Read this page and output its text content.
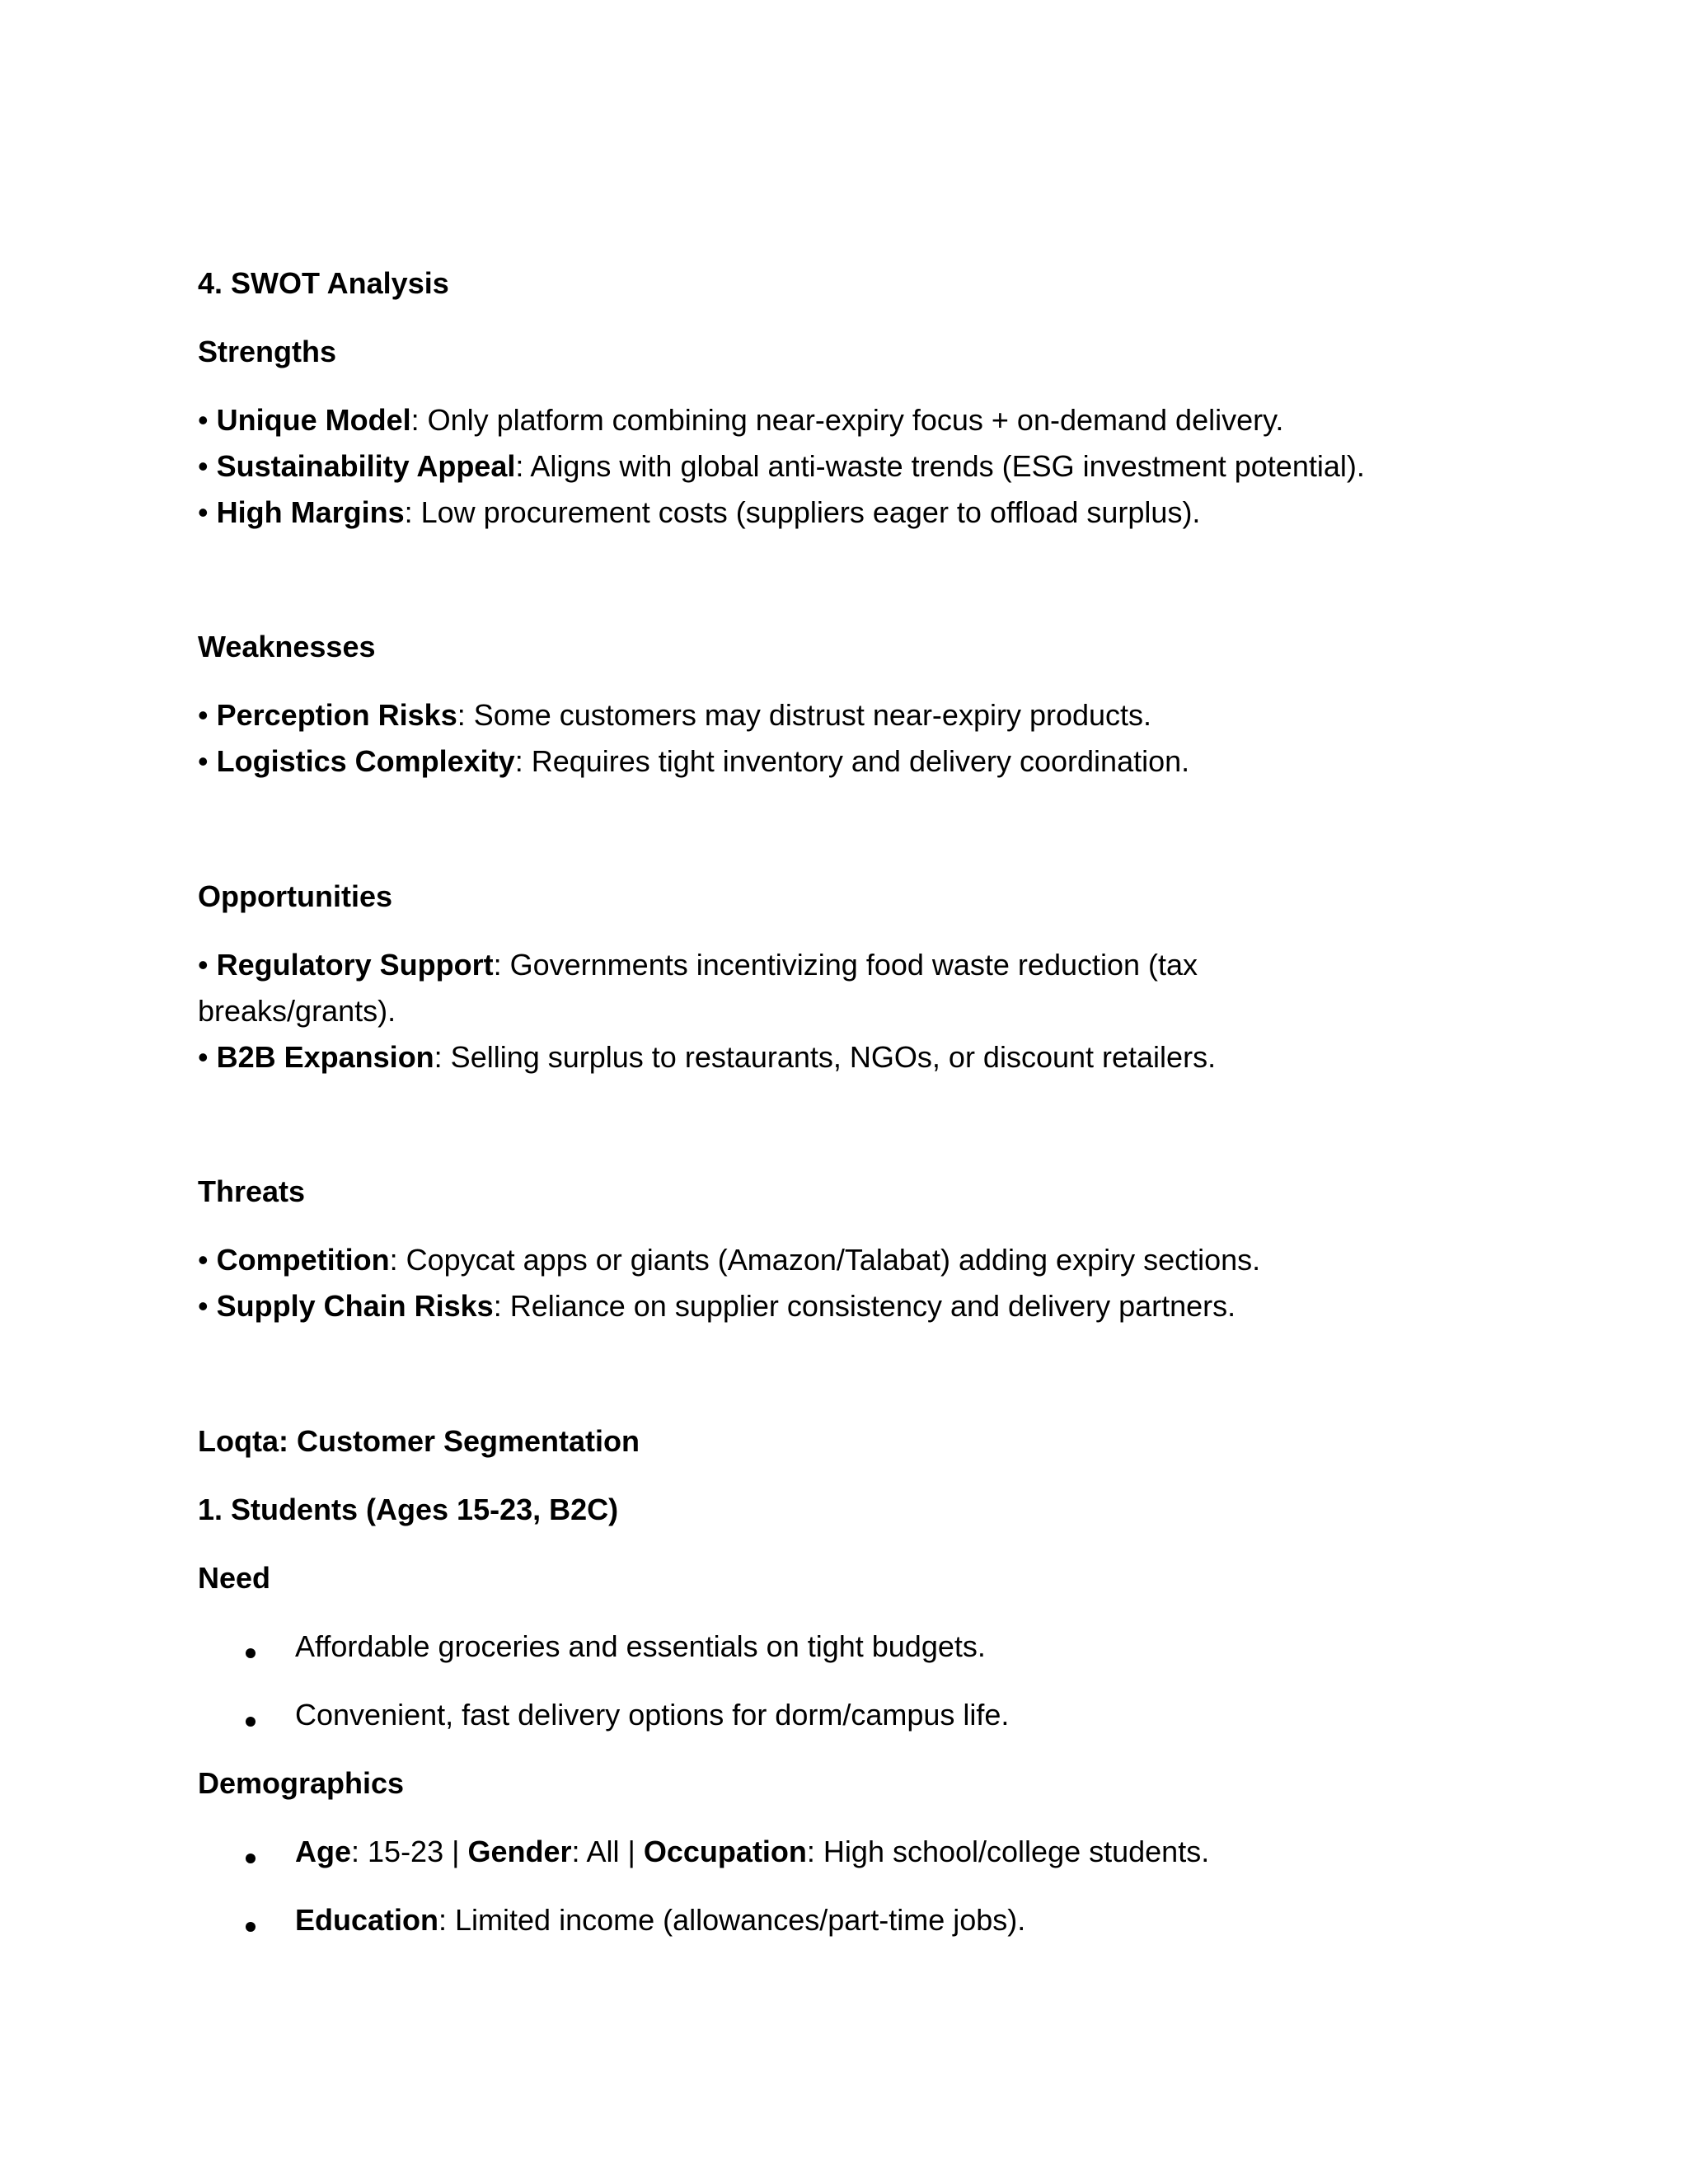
4. SWOT Analysis
Strengths
• Unique Model: Only platform combining near-expiry focus + on-demand delivery.
• Sustainability Appeal: Aligns with global anti-waste trends (ESG investment potential).
• High Margins: Low procurement costs (suppliers eager to offload surplus).
Weaknesses
• Perception Risks: Some customers may distrust near-expiry products.
• Logistics Complexity: Requires tight inventory and delivery coordination.
Opportunities
• Regulatory Support: Governments incentivizing food waste reduction (tax
breaks/grants).
• B2B Expansion: Selling surplus to restaurants, NGOs, or discount retailers.
Threats
• Competition: Copycat apps or giants (Amazon/Talabat) adding expiry sections.
• Supply Chain Risks: Reliance on supplier consistency and delivery partners.
Loqta: Customer Segmentation
1. Students (Ages 15-23, B2C)
Need
Affordable groceries and essentials on tight budgets.
Convenient, fast delivery options for dorm/campus life.
Demographics
Age: 15-23 | Gender: All | Occupation: High school/college students.
Education: Limited income (allowances/part-time jobs).
